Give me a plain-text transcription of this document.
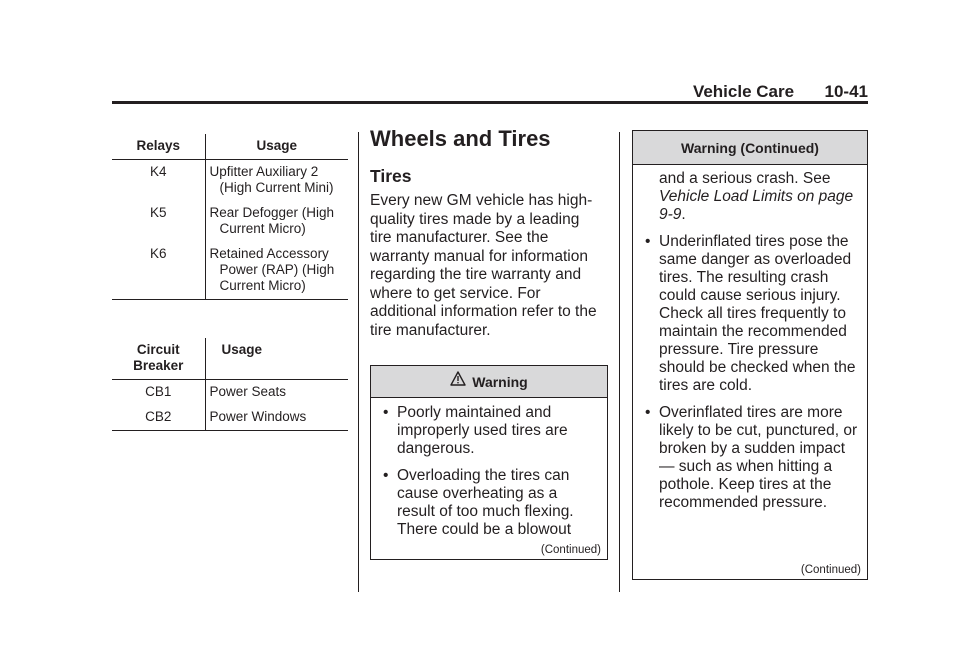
Vehicle Care 10-41
Relays	Usage
K4	Upfitter Auxiliary 2 (High Current Mini)

K5	Rear Defogger (High Current Micro)

K6	Retained Accessory Power (RAP) (High Current Micro)
Circuit Breaker	Usage
CB1	Power Seats
CB2	Power Windows
Wheels and Tires
Tires
Every new GM vehicle has high-quality tires made by a leading tire manufacturer. See the warranty manual for information regarding the tire warranty and where to get service. For additional information refer to the tire manufacturer.
Warning
• Poorly maintained and improperly used tires are dangerous.
• Overloading the tires can cause overheating as a result of too much flexing. There could be a blowout
(Continued)
Warning (Continued)
and a serious crash. See Vehicle Load Limits on page 9-9.
• Underinflated tires pose the same danger as overloaded tires. The resulting crash could cause serious injury. Check all tires frequently to maintain the recommended pressure. Tire pressure should be checked when the tires are cold.
• Overinflated tires are more likely to be cut, punctured, or broken by a sudden impact — such as when hitting a pothole. Keep tires at the recommended pressure.
(Continued)
